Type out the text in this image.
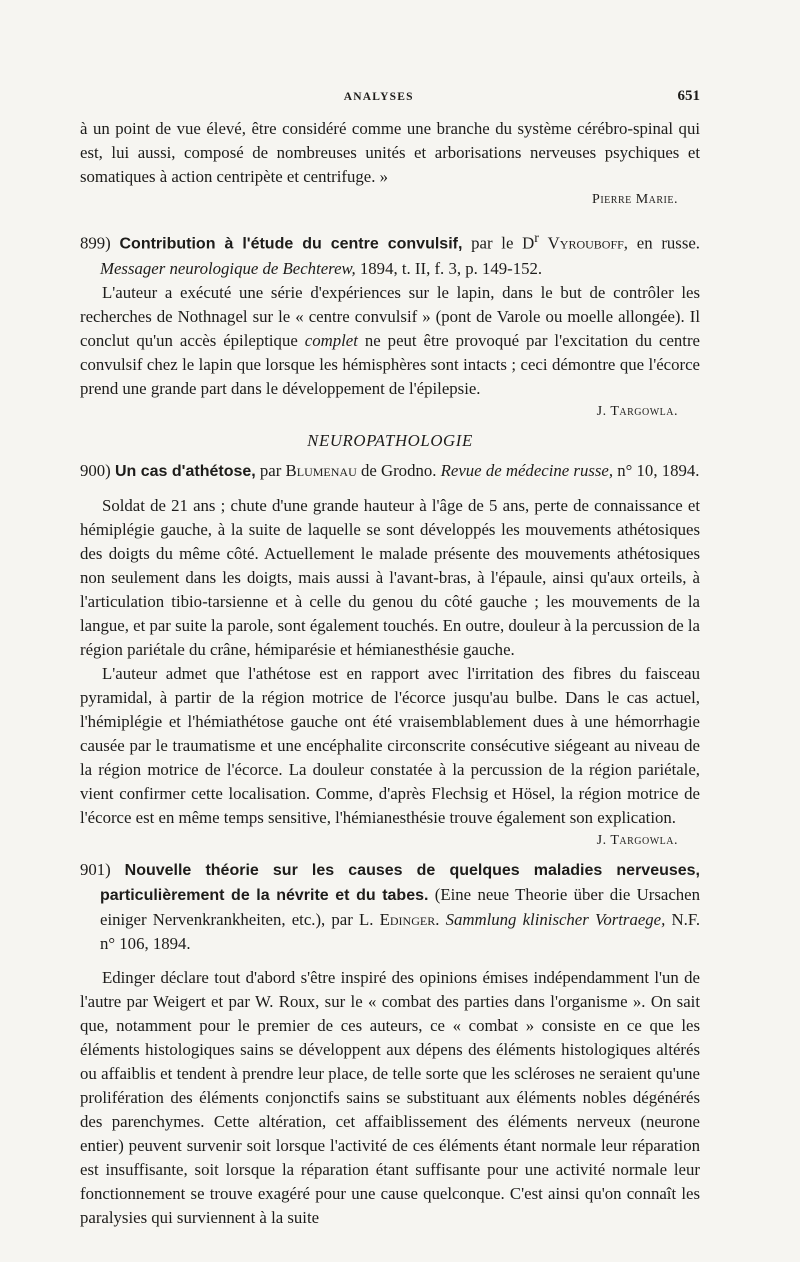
ANALYSES	651

à un point de vue élevé, être considéré comme une branche du système cérébro-spinal qui est, lui aussi, composé de nombreuses unités et arborisations nerveuses psychiques et somatiques à action centripète et centrifuge. »

Pierre Marie.

899) Contribution à l'étude du centre convulsif, par le $D^r$ Vyrouboff, en russe. Messager neurologique de Bechterew, 1894, t. II, f. 3, p. 149-152.

L'auteur a exécuté une série d'expériences sur le lapin, dans le but de contrôler les recherches de Nothnagel sur le « centre convulsif » (pont de Varole ou moelle allongée). Il conclut qu'un accès épileptique complet ne peut être provoqué par l'excitation du centre convulsif chez le lapin que lorsque les hémisphères sont intacts ; ceci démontre que l'écorce prend une grande part dans le développement de l'épilepsie.

J. Targowla.

NEUROPATHOLOGIE
900) Un cas d'athétose, par Blumenau de Grodno. Revue de médecine russe, n° 10, 1894.

Soldat de 21 ans ; chute d'une grande hauteur à l'âge de 5 ans, perte de connaissance et hémiplégie gauche, à la suite de laquelle se sont développés les mouvements athétosiques des doigts du même côté. Actuellement le malade présente des mouvements athétosiques non seulement dans les doigts, mais aussi à l'avant-bras, à l'épaule, ainsi qu'aux orteils, à l'articulation tibio-tarsienne et à celle du genou du côté gauche ; les mouvements de la langue, et par suite la parole, sont également touchés. En outre, douleur à la percussion de la région pariétale du crâne, hémiparésie et hémianesthésie gauche.

L'auteur admet que l'athétose est en rapport avec l'irritation des fibres du faisceau pyramidal, à partir de la région motrice de l'écorce jusqu'au bulbe. Dans le cas actuel, l'hémiplégie et l'hémiathétose gauche ont été vraisemblablement dues à une hémorrhagie causée par le traumatisme et une encéphalite circonscrite consécutive siégeant au niveau de la région motrice de l'écorce. La douleur constatée à la percussion de la région pariétale, vient confirmer cette localisation. Comme, d'après Flechsig et Hösel, la région motrice de l'écorce est en même temps sensitive, l'hémianesthésie trouve également son explication.

J. Targowla.

901) Nouvelle théorie sur les causes de quelques maladies nerveuses, particulièrement de la névrite et du tabes. (Eine neue Theorie über die Ursachen einiger Nervenkrankheiten, etc.), par L. Edinger. Sammlung klinischer Vortraege, N.F. n° 106, 1894.

Edinger déclare tout d'abord s'être inspiré des opinions émises indépendamment l'un de l'autre par Weigert et par W. Roux, sur le « combat des parties dans l'organisme ». On sait que, notamment pour le premier de ces auteurs, ce « combat » consiste en ce que les éléments histologiques sains se développent aux dépens des éléments histologiques altérés ou affaiblis et tendent à prendre leur place, de telle sorte que les scléroses ne seraient qu'une prolifération des éléments conjonctifs sains se substituant aux éléments nobles dégénérés des parenchymes. Cette altération, cet affaiblissement des éléments nerveux (neurone entier) peuvent survenir soit lorsque l'activité de ces éléments étant normale leur réparation est insuffisante, soit lorsque la réparation étant suffisante pour une activité normale leur fonctionnement se trouve exagéré pour une cause quelconque. C'est ainsi qu'on connaît les paralysies qui surviennent à la suite
